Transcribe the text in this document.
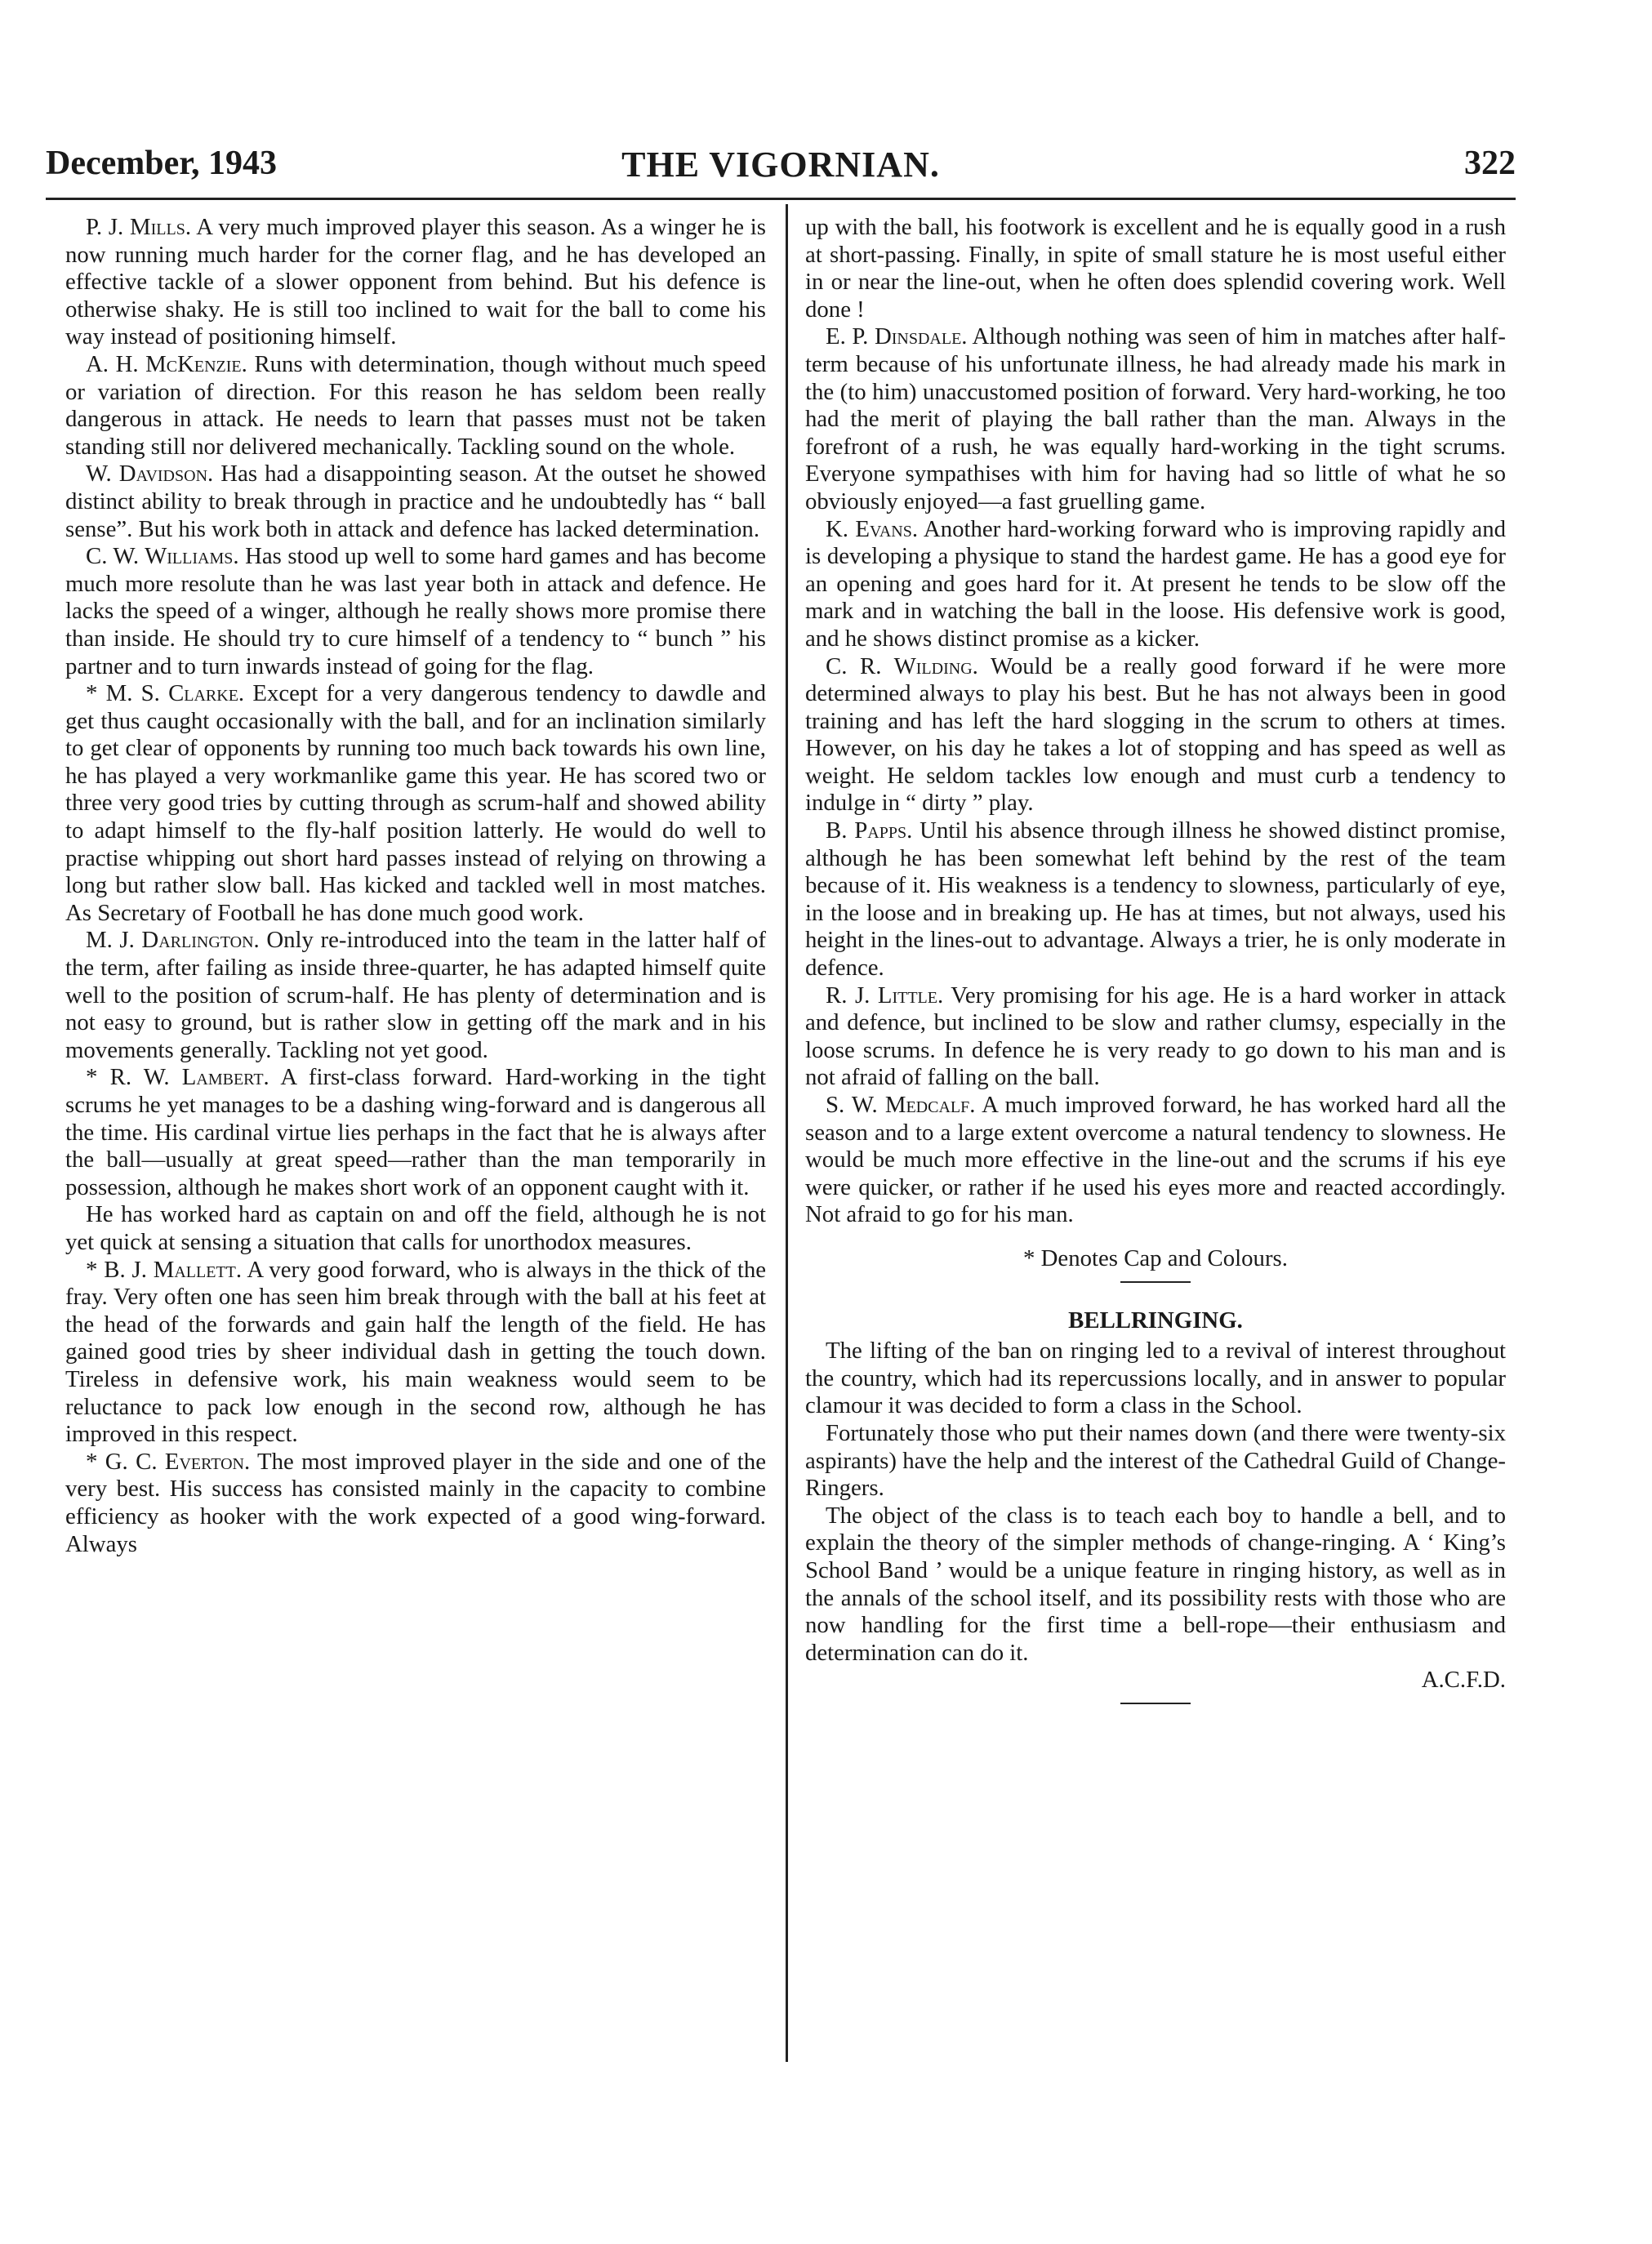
December, 1943	THE VIGORNIAN.	322

P. J. Mills. A very much improved player this season. As a winger he is now running much harder for the corner flag, and he has developed an effective tackle of a slower opponent from behind. But his defence is otherwise shaky. He is still too inclined to wait for the ball to come his way instead of positioning himself.

A. H. McKenzie. Runs with determination, though without much speed or variation of direction. For this reason he has seldom been really dangerous in attack. He needs to learn that passes must not be taken standing still nor delivered mechanically. Tackling sound on the whole.

W. Davidson. Has had a disappointing season. At the outset he showed distinct ability to break through in practice and he undoubtedly has “ ball sense”. But his work both in attack and defence has lacked determination.

C. W. Williams. Has stood up well to some hard games and has become much more resolute than he was last year both in attack and defence. He lacks the speed of a winger, although he really shows more promise there than inside. He should try to cure himself of a tendency to “ bunch ” his partner and to turn inwards instead of going for the flag.

* M. S. Clarke. Except for a very dangerous tendency to dawdle and get thus caught occasionally with the ball, and for an inclination similarly to get clear of opponents by running too much back towards his own line, he has played a very workmanlike game this year. He has scored two or three very good tries by cutting through as scrum-half and showed ability to adapt himself to the fly-half position latterly. He would do well to practise whipping out short hard passes instead of relying on throwing a long but rather slow ball. Has kicked and tackled well in most matches. As Secretary of Football he has done much good work.

M. J. Darlington. Only re-introduced into the team in the latter half of the term, after failing as inside three-quarter, he has adapted himself quite well to the position of scrum-half. He has plenty of determination and is not easy to ground, but is rather slow in getting off the mark and in his movements generally. Tackling not yet good.

* R. W. Lambert. A first-class forward. Hard-working in the tight scrums he yet manages to be a dashing wing-forward and is dangerous all the time. His cardinal virtue lies perhaps in the fact that he is always after the ball—usually at great speed—rather than the man temporarily in possession, although he makes short work of an opponent caught with it.

He has worked hard as captain on and off the field, although he is not yet quick at sensing a situation that calls for unorthodox measures.

* B. J. Mallett. A very good forward, who is always in the thick of the fray. Very often one has seen him break through with the ball at his feet at the head of the forwards and gain half the length of the field. He has gained good tries by sheer individual dash in getting the touch down. Tireless in defensive work, his main weakness would seem to be reluctance to pack low enough in the second row, although he has improved in this respect.

* G. C. Everton. The most improved player in the side and one of the very best. His success has consisted mainly in the capacity to combine efficiency as hooker with the work expected of a good wing-forward. Always

up with the ball, his footwork is excellent and he is equally good in a rush at short-passing. Finally, in spite of small stature he is most useful either in or near the line-out, when he often does splendid covering work. Well done !

E. P. Dinsdale. Although nothing was seen of him in matches after half-term because of his unfortunate illness, he had already made his mark in the (to him) unaccustomed position of forward. Very hard-working, he too had the merit of playing the ball rather than the man. Always in the forefront of a rush, he was equally hard-working in the tight scrums. Everyone sympathises with him for having had so little of what he so obviously enjoyed—a fast gruelling game.

K. Evans. Another hard-working forward who is improving rapidly and is developing a physique to stand the hardest game. He has a good eye for an opening and goes hard for it. At present he tends to be slow off the mark and in watching the ball in the loose. His defensive work is good, and he shows distinct promise as a kicker.

C. R. Wilding. Would be a really good forward if he were more determined always to play his best. But he has not always been in good training and has left the hard slogging in the scrum to others at times. However, on his day he takes a lot of stopping and has speed as well as weight. He seldom tackles low enough and must curb a tendency to indulge in “ dirty ” play.

B. Papps. Until his absence through illness he showed distinct promise, although he has been somewhat left behind by the rest of the team because of it. His weakness is a tendency to slowness, particularly of eye, in the loose and in breaking up. He has at times, but not always, used his height in the lines-out to advantage. Always a trier, he is only moderate in defence.

R. J. Little. Very promising for his age. He is a hard worker in attack and defence, but inclined to be slow and rather clumsy, especially in the loose scrums. In defence he is very ready to go down to his man and is not afraid of falling on the ball.

S. W. Medcalf. A much improved forward, he has worked hard all the season and to a large extent overcome a natural tendency to slowness. He would be much more effective in the line-out and the scrums if his eye were quicker, or rather if he used his eyes more and reacted accordingly. Not afraid to go for his man.

* Denotes Cap and Colours.

BELLRINGING.

The lifting of the ban on ringing led to a revival of interest throughout the country, which had its repercussions locally, and in answer to popular clamour it was decided to form a class in the School.

Fortunately those who put their names down (and there were twenty-six aspirants) have the help and the interest of the Cathedral Guild of Change-Ringers.

The object of the class is to teach each boy to handle a bell, and to explain the theory of the simpler methods of change-ringing. A ‘ King’s School Band ’ would be a unique feature in ringing history, as well as in the annals of the school itself, and its possibility rests with those who are now handling for the first time a bell-rope—their enthusiasm and determination can do it.

A.C.F.D.
